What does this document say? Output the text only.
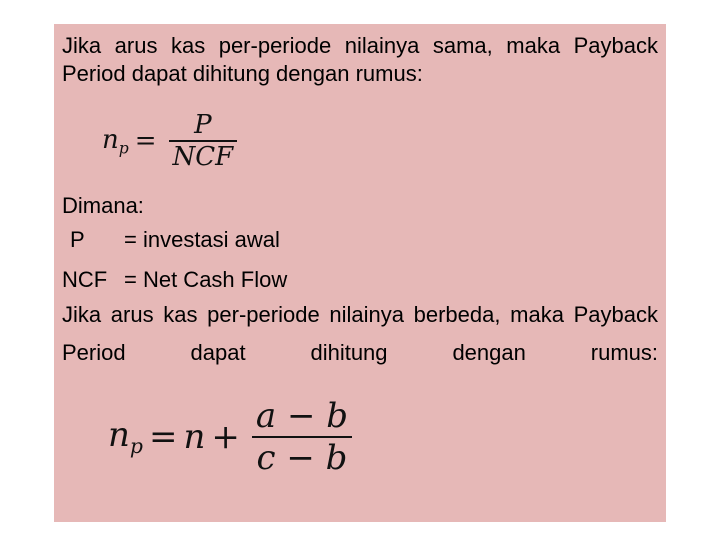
Jika arus kas per-periode nilainya sama, maka Payback Period dapat dihitung dengan rumus:

$n_p = \frac{P}{\text{NCF}}$
Dimana:
P	= investasi awal
NCF = Net Cash Flow

Jika arus kas per-periode nilainya berbeda, maka Payback Period dapat dihitung dengan rumus:

$n_p = n + \frac{a - b}{c - b}$
